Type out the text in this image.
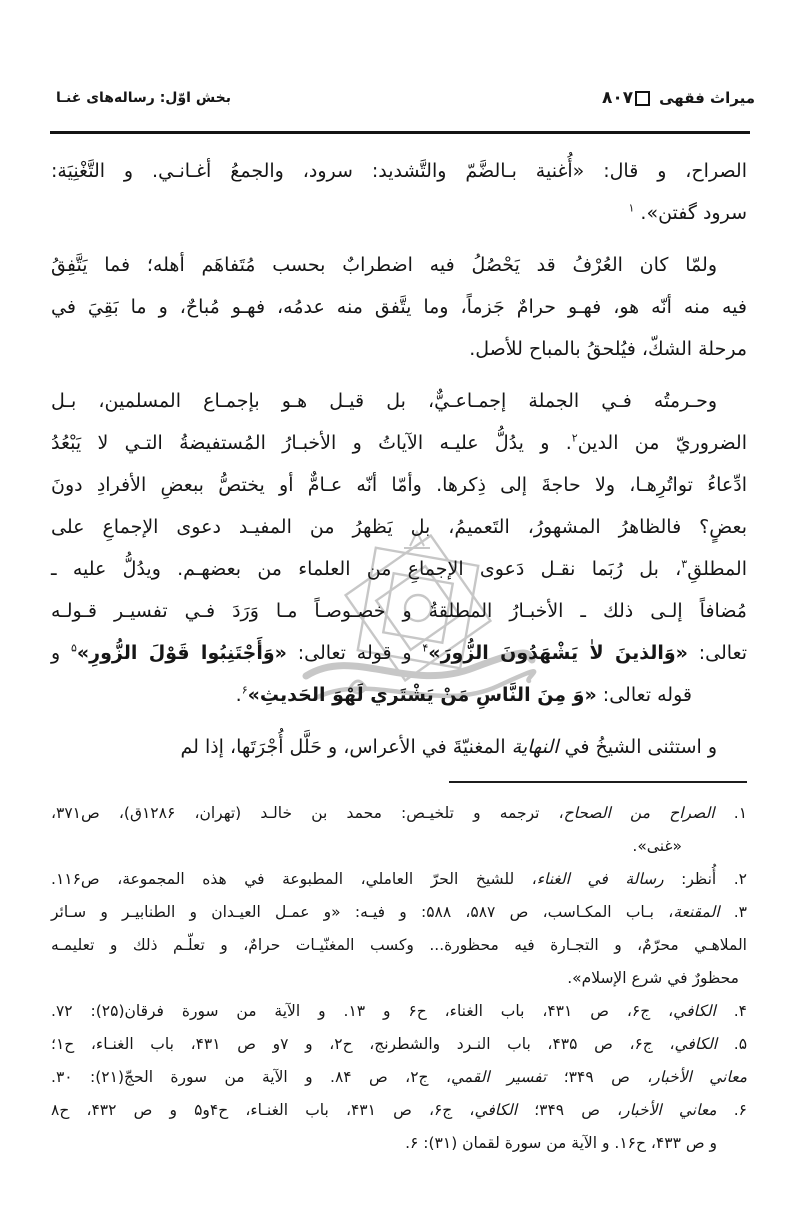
بخش اوّل: رساله‌های غنـا	۸۰۷ ميراث فقهى
الصراح، و قال: «أُغنية بـالضَّمّ والتَّشديد: سرود، والجمعُ أغـانـي. و التَّغْنِيَة:
سرود گفتن». $^۱$
ولمّا كان العُرْفُ قد يَحْصُلُ فيه اضطرابٌ بحسب مُتَفاهَم أهله؛ فما يَتَّفِقُ
فيه منه أنّه هو، فهـو حرامٌ جَزماً، وما يتَّفق منه عدمُه، فهـو مُباحٌ، و ما بَقِيَ في
مرحلة الشكّ، فيُلحقُ بالمباح للأصل.
وحـرمتُه فـي الجملة إجمـاعـيٌّ، بل قيـل هـو بإجمـاع المسلمين، بـل
الضروريّ من الدين$^۲$. و يدُلُّ عليـه الآياتُ و الأخبـارُ المُستفيضةُ التـي لا يَبْعُدُ
ادِّعاءُ تواتُرِهـا، ولا حاجةَ إلى ذِكرها. وأمّا أنّه عـامٌّ أو يختصُّ ببعضِ الأفرادِ دونَ
بعضٍ؟ فالظاهرُ المشهورُ، التَعميمُ، بل يَظهرُ من المفيـد دعوى الإجماعِ على
المطلقِ$^۳$، بل رُبَما نقـل دَعوى الإجماعِ من العلماء من بعضهـم. ويدُلُّ عليه ـ
مُضافاً إلـى ذلك ـ الأخبـارُ المطلقةُ و خصـوصـاً مـا وَرَدَ فـي تفسيـر قـولـه
تعالى: «وَالذينَ لاٰ يَشْهَدُونَ الزُّورَ»$^۴$ و قوله تعالى: «وَأَجْتَنِبُوا قَوْلَ الزُّورِ»$^۵$ و
قوله تعالى: «وَ مِنَ النَّاسِ مَنْ يَشْتَري لَهْوَ الحَديثِ»$^۶$.
و استثنى الشيخُ في النهاية المغنيّةَ في الأعراس، و حَلَّل أُجْرَتَها، إذا لم
۱. الصراح من الصحاح، ترجمه و تلخيـص: محمد بن خالـد (تهران، ۱۲۸۶ق)، ص۳۷۱،
«غنى».
۲. أُنظر: رسالة في الغناء، للشيخ الحرّ العاملي، المطبوعة في هذه المجموعة، ص۱۱۶.
۳. المقنعة، بـاب المكـاسب، ص ۵۸۷، ۵۸۸: و فيـه: «و عمـل العيـدان و الطنابيـر و سـائر
الملاهـي محرّمٌ، و التجـارة فيه محظورة... وكسب المغنّيـات حرامٌ، و تعلّـم ذلك و تعليمـه
محظورٌ في شرع الإسلام».
۴. الكافي، ج۶، ص ۴۳۱، باب الغناء، ح۶ و ۱۳. و الآية من سورة فرقان(۲۵): ۷۲.
۵. الكافي، ج۶، ص ۴۳۵، باب النـرد والشطرنج، ح۲، و ۷و ص ۴۳۱، باب الغنـاء، ح۱؛
معاني الأخبار، ص ۳۴۹؛ تفسير القمي، ج۲، ص ۸۴. و الآية من سورة الحجّ(۲۱): ۳۰.
۶. معاني الأخبار، ص ۳۴۹؛ الكافي، ج۶، ص ۴۳۱، باب الغنـاء، ح۴و۵ و ص ۴۳۲، ح۸
و ص ۴۳۳، ح۱۶. و الآية من سورة لقمان (۳۱): ۶.
